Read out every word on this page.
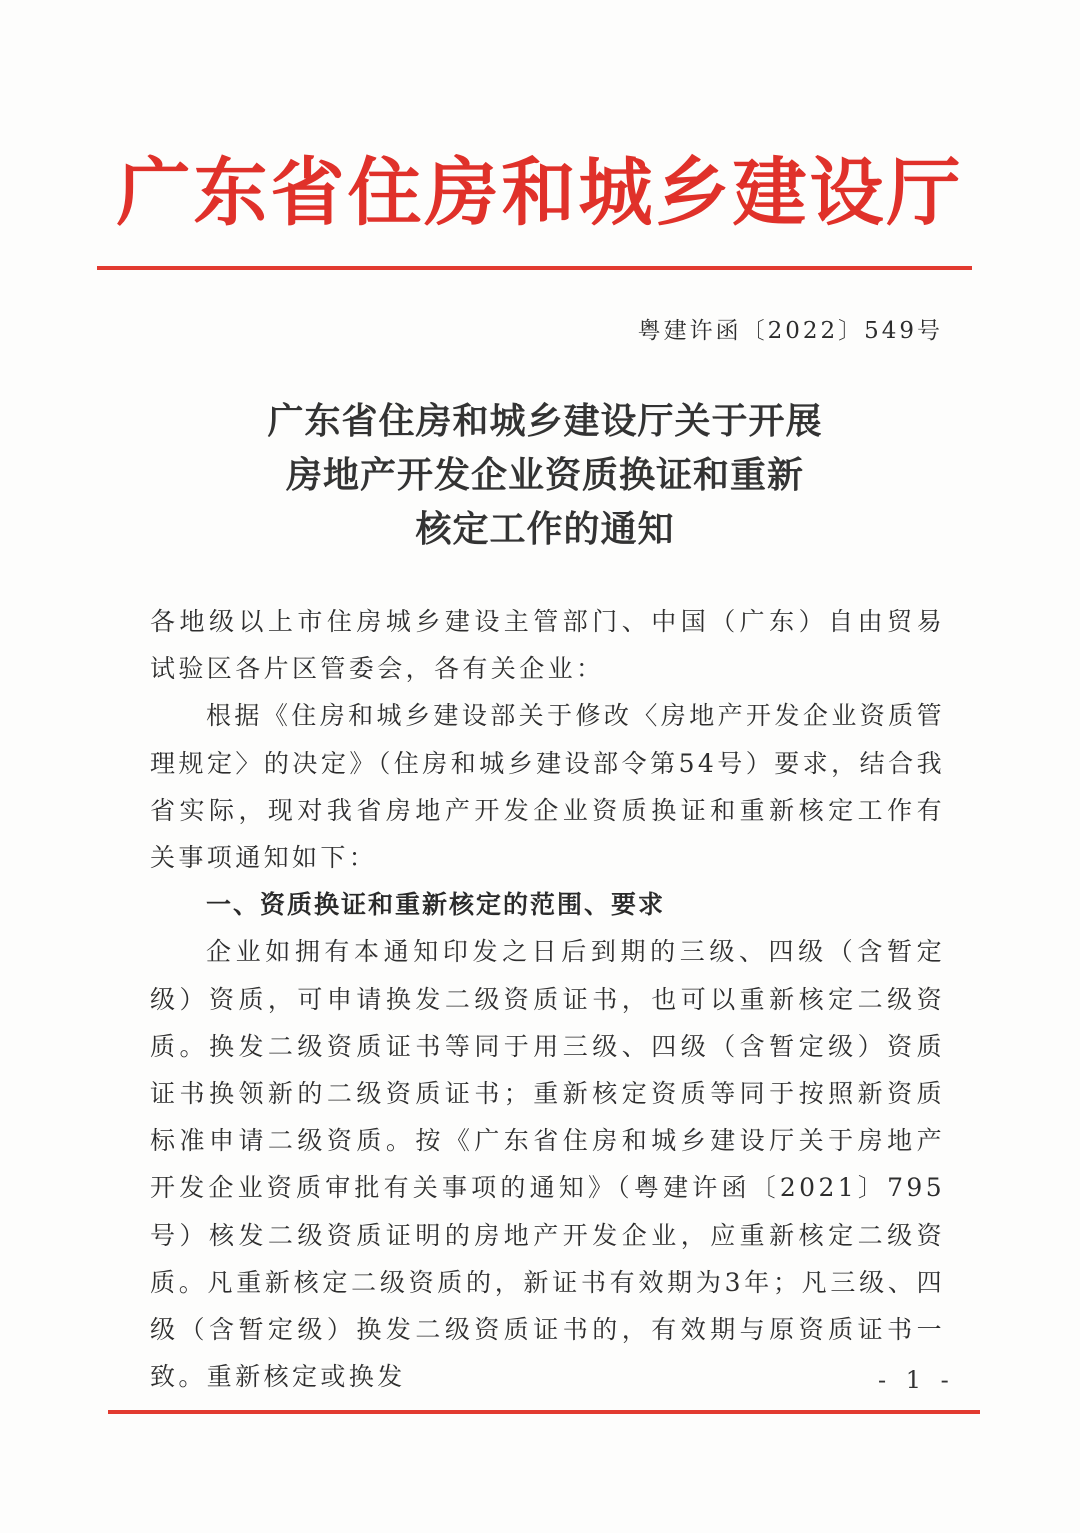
广东省住房和城乡建设厅
粤建许函〔2022〕549号
广东省住房和城乡建设厅关于开展
房地产开发企业资质换证和重新
核定工作的通知

各地级以上市住房城乡建设主管部门、中国（广东）自由贸易试验区各片区管委会，各有关企业：

根据《住房和城乡建设部关于修改〈房地产开发企业资质管理规定〉的决定》（住房和城乡建设部令第54号）要求，结合我省实际，现对我省房地产开发企业资质换证和重新核定工作有关事项通知如下：

一、资质换证和重新核定的范围、要求

企业如拥有本通知印发之日后到期的三级、四级（含暂定级）资质，可申请换发二级资质证书，也可以重新核定二级资质。换发二级资质证书等同于用三级、四级（含暂定级）资质证书换领新的二级资质证书；重新核定资质等同于按照新资质标准申请二级资质。按《广东省住房和城乡建设厅关于房地产开发企业资质审批有关事项的通知》（粤建许函〔2021〕795号）核发二级资质证明的房地产开发企业，应重新核定二级资质。凡重新核定二级资质的，新证书有效期为3年；凡三级、四级（含暂定级）换发二级资质证书的，有效期与原资质证书一致。重新核定或换发	- 1 -
